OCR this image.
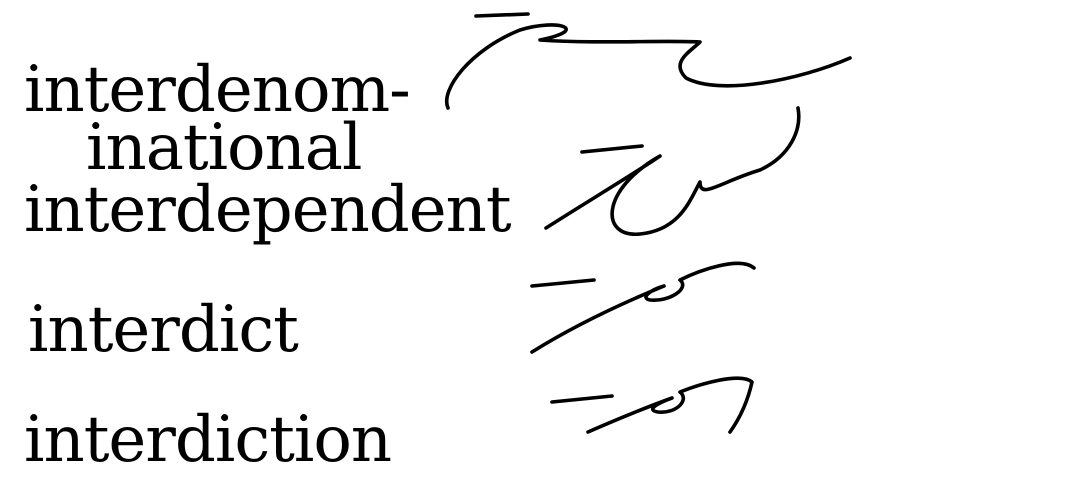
interdenom-
inational
interdependent
interdict
interdiction
